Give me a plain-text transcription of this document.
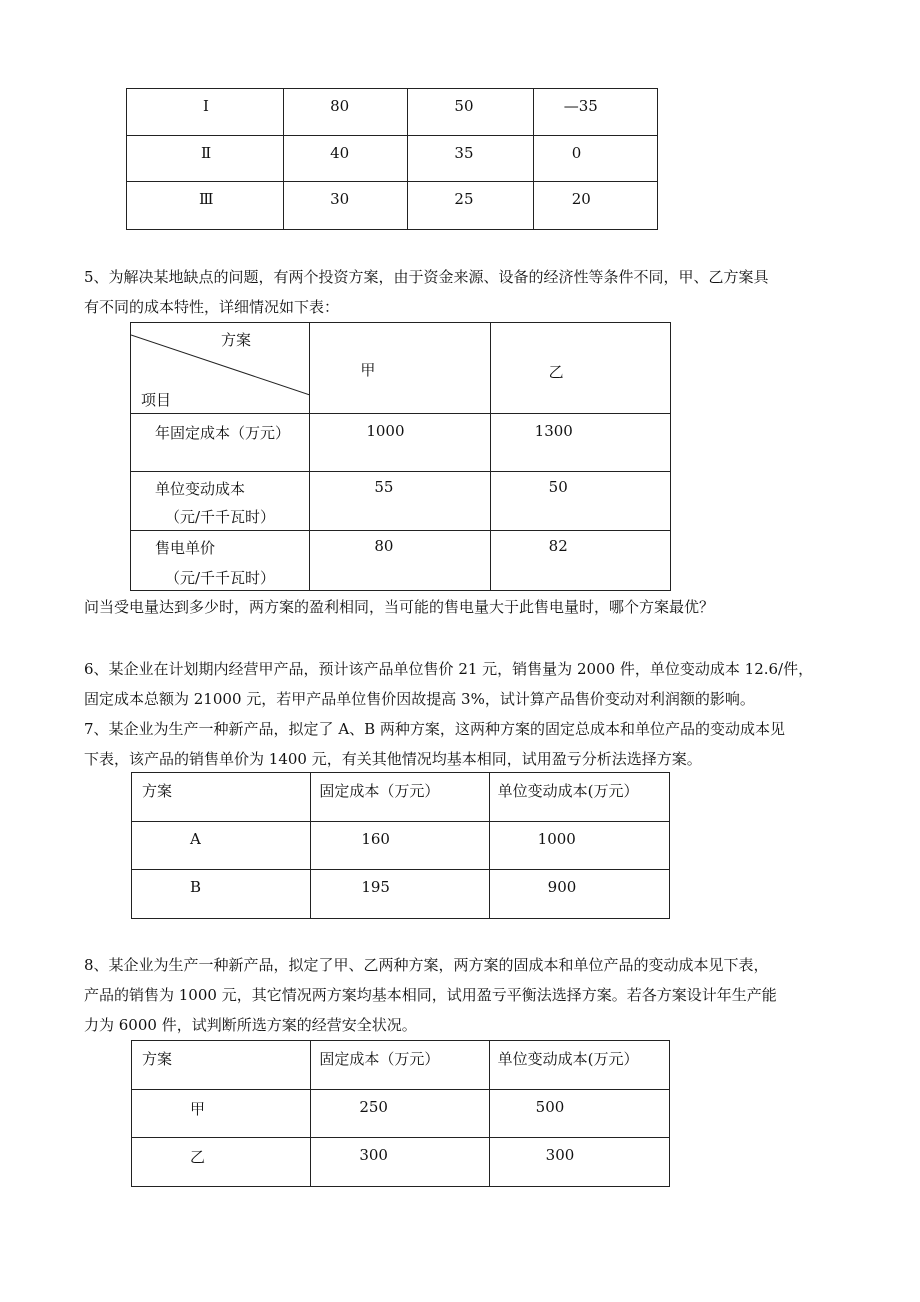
Ⅰ	80	50	—35

Ⅱ	40	35	0

Ⅲ	30	25	20
5、为解决某地缺点的问题，有两个投资方案，由于资金来源、设备的经济性等条件不同，甲、乙方案具
有不同的成本特性，详细情况如下表：
方案
项目	甲	乙

年固定成本（万元）	1000	1300

单位变动成本
（元/千千瓦时）	55	50

售电单价
（元/千千瓦时）	80	82
问当受电量达到多少时，两方案的盈利相同，当可能的售电量大于此售电量时，哪个方案最优？
6、某企业在计划期内经营甲产品，预计该产品单位售价 21 元，销售量为 2000 件，单位变动成本 12.6/件，
固定成本总额为 21000 元，若甲产品单位售价因故提高 3%，试计算产品售价变动对利润额的影响。
7、某企业为生产一种新产品，拟定了 A、B 两种方案，这两种方案的固定总成本和单位产品的变动成本见
下表，该产品的销售单价为 1400 元，有关其他情况均基本相同，试用盈亏分析法选择方案。
方案	固定成本（万元）	单位变动成本(万元）

A	160	1000

B	195	900
8、某企业为生产一种新产品，拟定了甲、乙两种方案，两方案的固成本和单位产品的变动成本见下表，
产品的销售为 1000 元，其它情况两方案均基本相同，试用盈亏平衡法选择方案。若各方案设计年生产能
力为 6000 件，试判断所选方案的经营安全状况。
方案	固定成本（万元）	单位变动成本(万元）

甲	250	500

乙	300	300
